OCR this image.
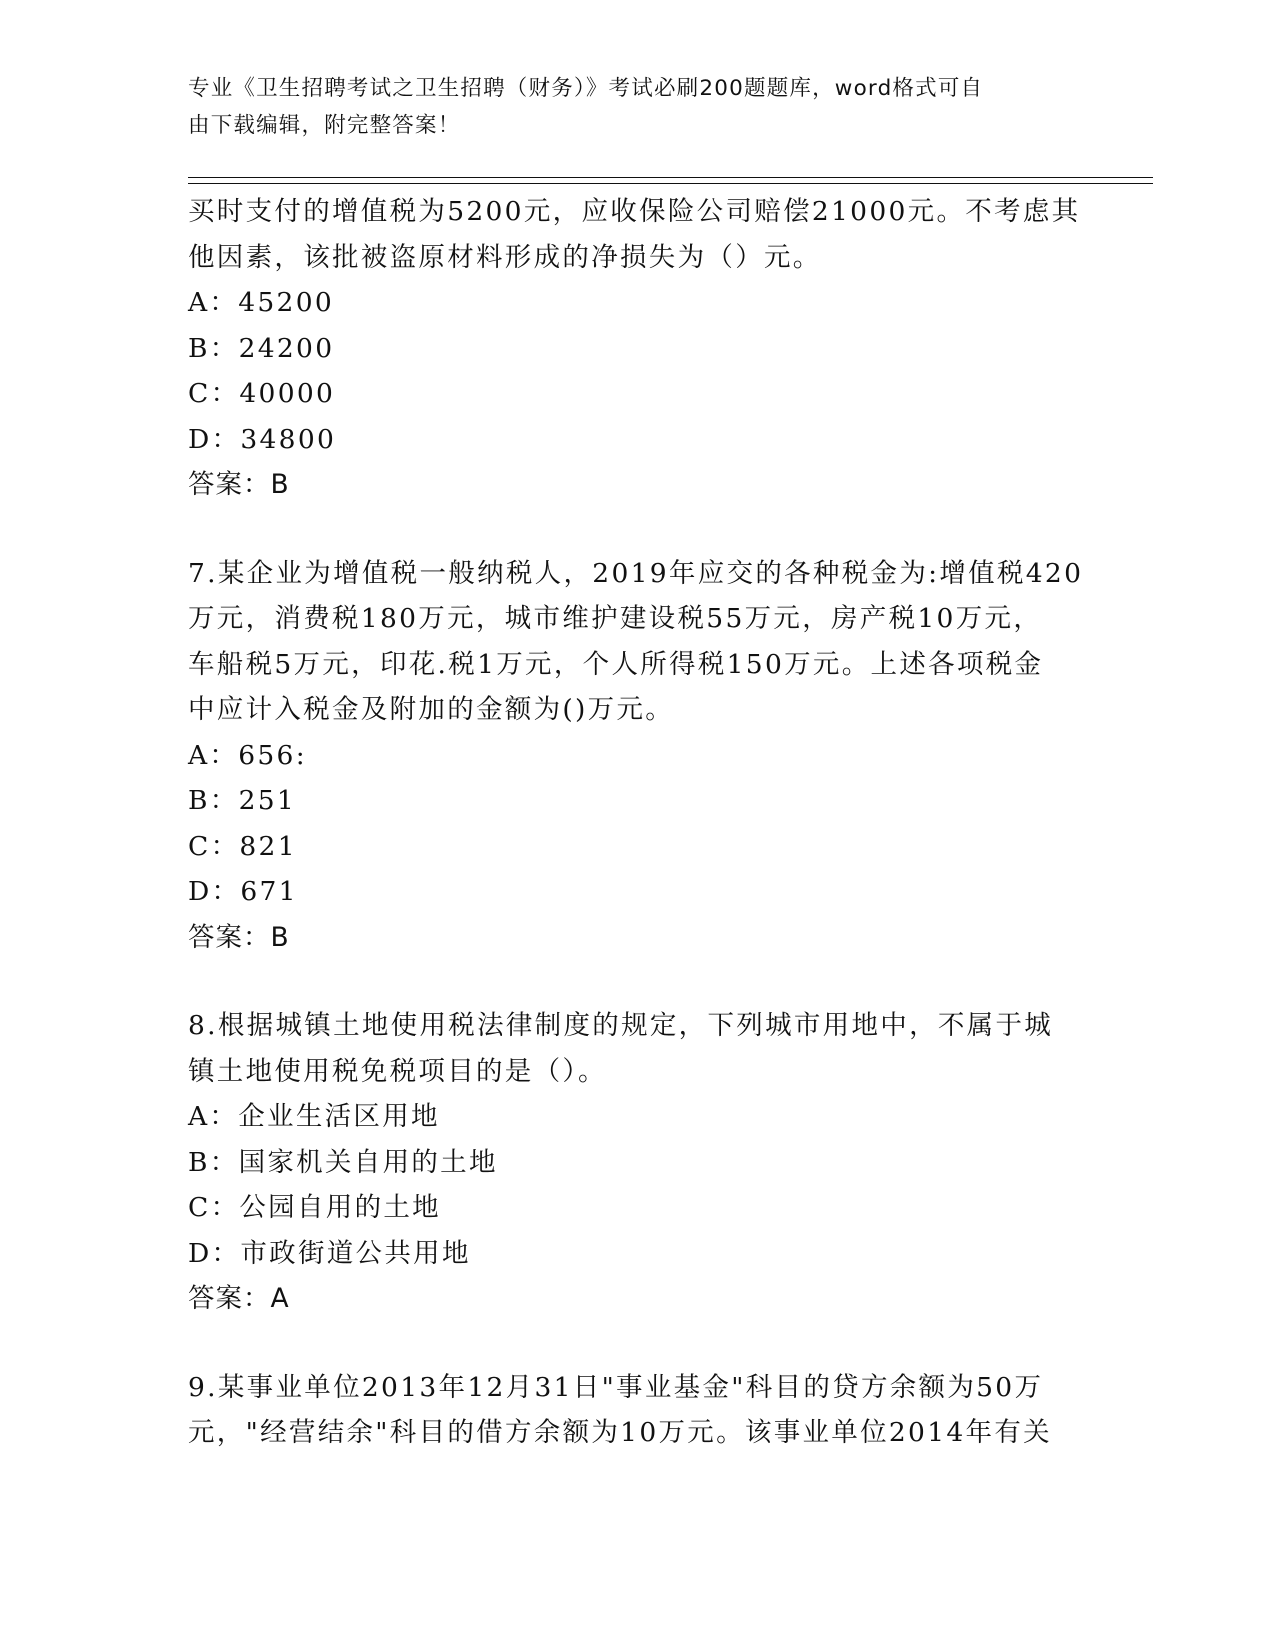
专业《卫生招聘考试之卫生招聘（财务）》考试必刷200题题库，word格式可自
由下载编辑，附完整答案！
买时支付的增值税为5200元，应收保险公司赔偿21000元。不考虑其
他因素，该批被盗原材料形成的净损失为（）元。
A：45200
B：24200
C：40000
D：34800
答案：B
7.某企业为增值税一般纳税人，2019年应交的各种税金为:增值税420
万元，消费税180万元，城市维护建设税55万元，房产税10万元，
车船税5万元，印花.税1万元，个人所得税150万元。上述各项税金
中应计入税金及附加的金额为()万元。
A：656:
B：251
C：821
D：671
答案：B
8.根据城镇土地使用税法律制度的规定，下列城市用地中，不属于城
镇土地使用税免税项目的是（）。
A：企业生活区用地
B：国家机关自用的土地
C：公园自用的土地
D：市政街道公共用地
答案：A
9.某事业单位2013年12月31日"事业基金"科目的贷方余额为50万
元，"经营结余"科目的借方余额为10万元。该事业单位2014年有关
